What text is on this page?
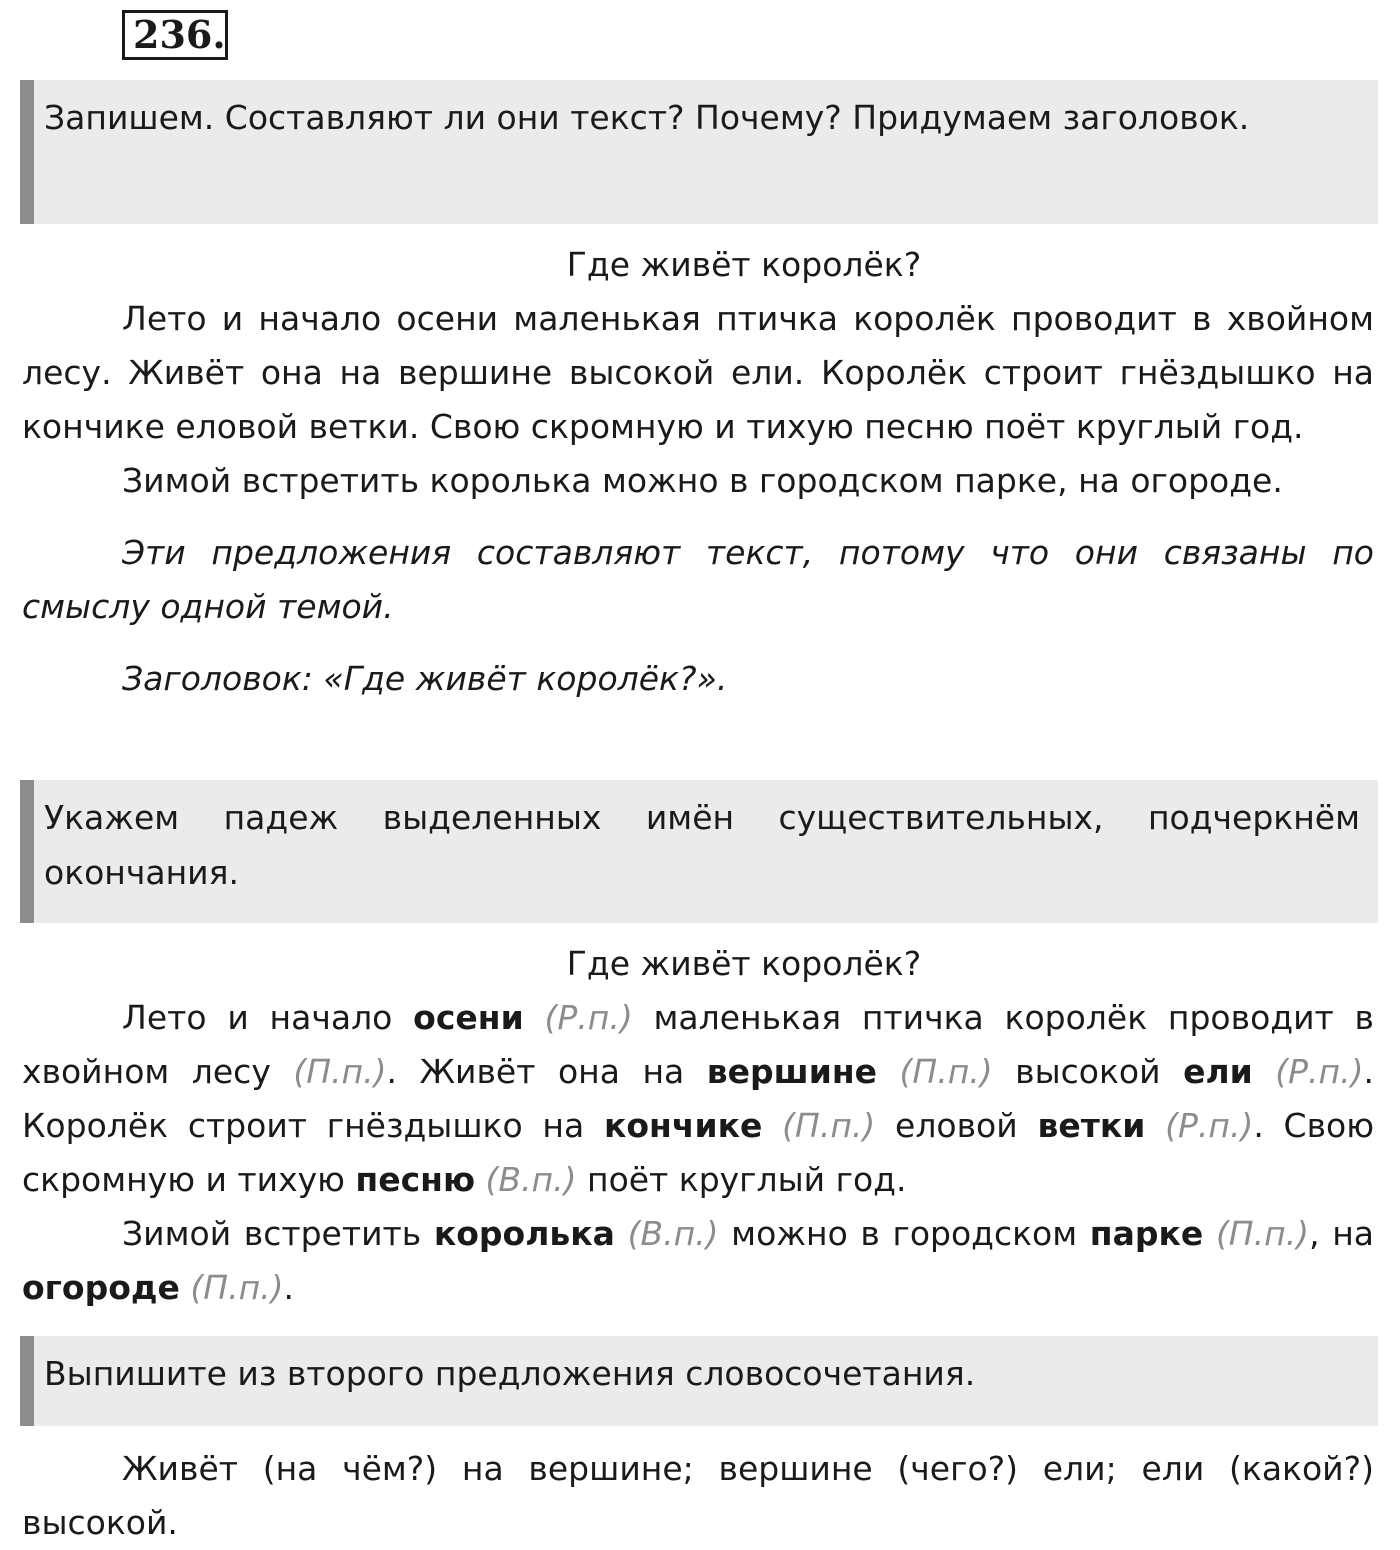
236.
Запишем. Составляют ли они текст? Почему? Придумаем заголовок.

Где живёт королёк?

Лето и начало осени маленькая птичка королёк проводит в хвойном лесу. Живёт она на вершине высокой ели. Королёк строит гнёздышко на кончике еловой ветки. Свою скромную и тихую песню поёт круглый год.

Зимой встретить королька можно в городском парке, на огороде.

Эти предложения составляют текст, потому что они связаны по смыслу одной темой.

Заголовок: «Где живёт королёк?».

Укажем падеж выделенных имён существительных, подчеркнём окончания.

Где живёт королёк?

Лето и начало осени (Р.п.) маленькая птичка королёк проводит в хвойном лесу (П.п.). Живёт она на вершине (П.п.) высокой ели (Р.п.). Королёк строит гнёздышко на кончике (П.п.) еловой ветки (Р.п.). Свою скромную и тихую песню (В.п.) поёт круглый год.

Зимой встретить королька (В.п.) можно в городском парке (П.п.), на огороде (П.п.).

Выпишите из второго предложения словосочетания.

Живёт (на чём?) на вершине; вершине (чего?) ели; ели (какой?) высокой.
